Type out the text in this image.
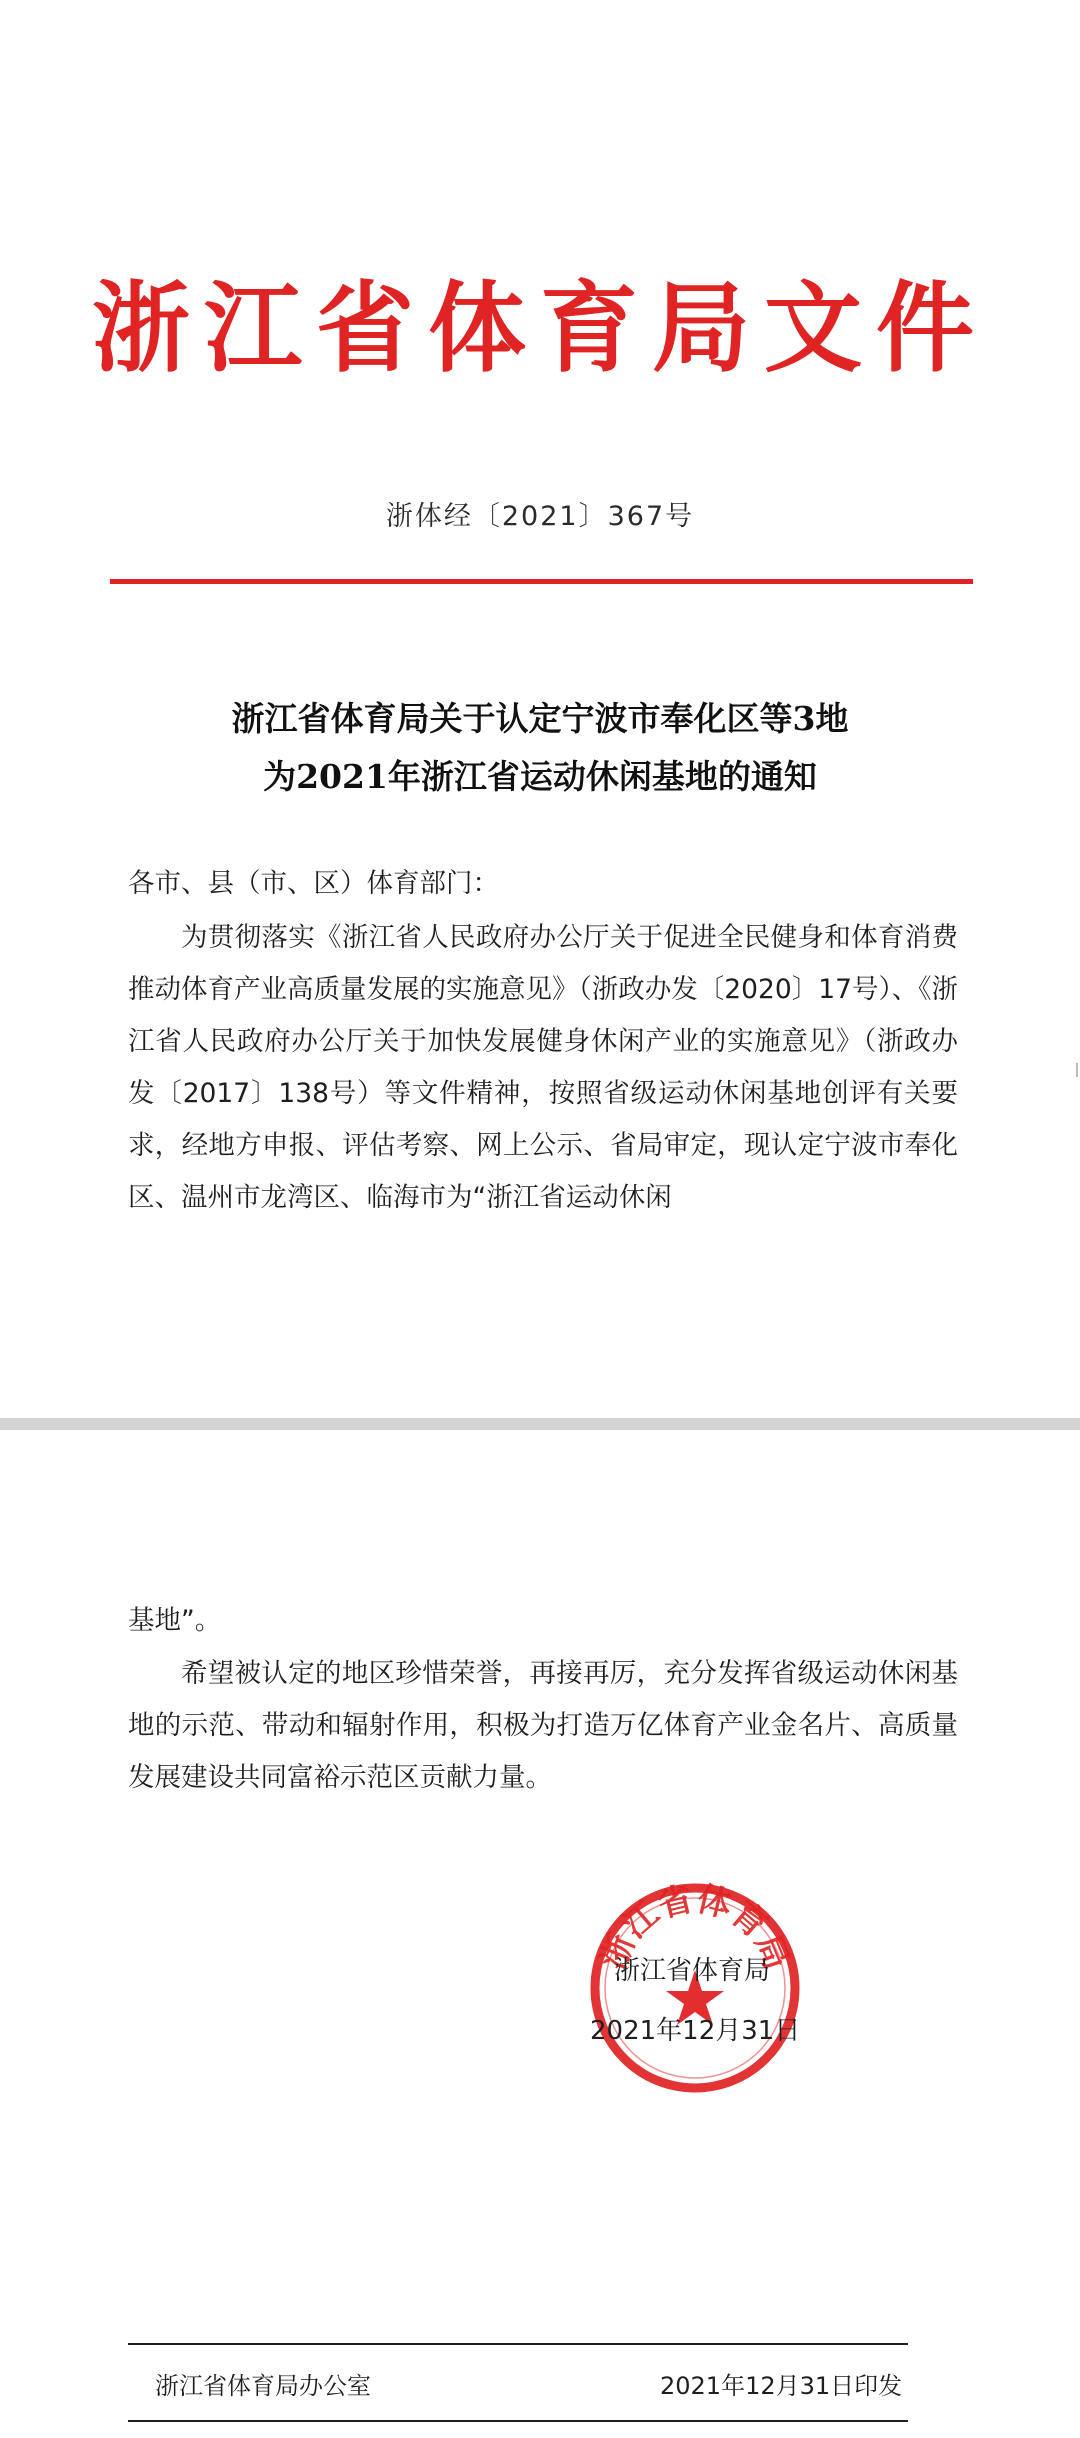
浙江省体育局文件
浙体经〔2021〕367号
浙江省体育局关于认定宁波市奉化区等3地
为2021年浙江省运动休闲基地的通知
各市、县（市、区）体育部门：
为贯彻落实《浙江省人民政府办公厅关于促进全民健身和体育消费 推动体育产业高质量发展的实施意见》（浙政办发〔2020〕17号）、《浙江省人民政府办公厅关于加快发展健身休闲产业的实施意见》（浙政办发〔2017〕138号）等文件精神，按照省级运动休闲基地创评有关要求，经地方申报、评估考察、网上公示、省局审定，现认定宁波市奉化区、温州市龙湾区、临海市为“浙江省运动休闲
基地”。
希望被认定的地区珍惜荣誉，再接再厉，充分发挥省级运动休闲基地的示范、带动和辐射作用，积极为打造万亿体育产业金名片、高质量发展建设共同富裕示范区贡献力量。
浙江省体育局
浙江省体育局
2021年12月31日
浙江省体育局办公室	2021年12月31日印发
